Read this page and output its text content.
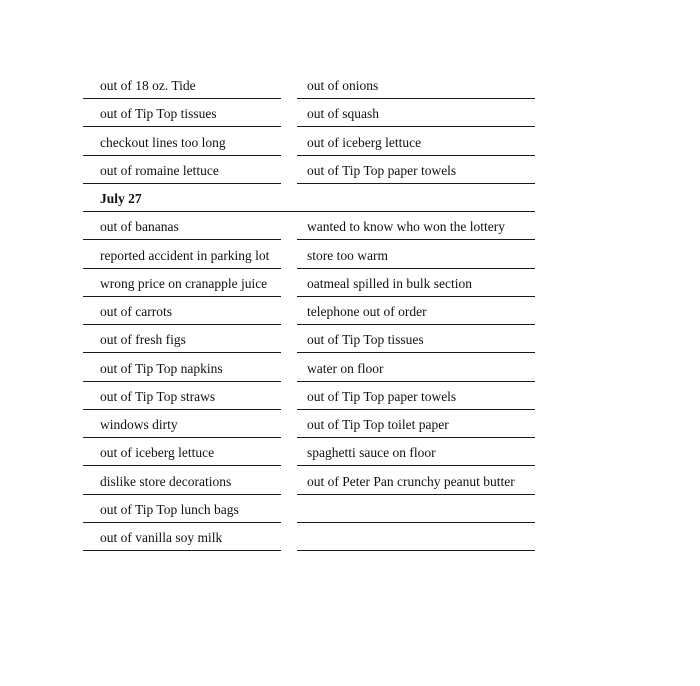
out of 18 oz. Tide	out of onions
out of Tip Top tissues	out of squash
checkout lines too long	out of iceberg lettuce
out of romaine lettuce	out of Tip Top paper towels
July 27
out of bananas	wanted to know who won the lottery
reported accident in parking lot	store too warm
wrong price on cranapple juice	oatmeal spilled in bulk section
out of carrots	telephone out of order
out of fresh figs	out of Tip Top tissues
out of Tip Top napkins	water on floor
out of Tip Top straws	out of Tip Top paper towels
windows dirty	out of Tip Top toilet paper
out of iceberg lettuce	spaghetti sauce on floor
dislike store decorations	out of Peter Pan crunchy peanut butter
out of Tip Top lunch bags
out of vanilla soy milk
